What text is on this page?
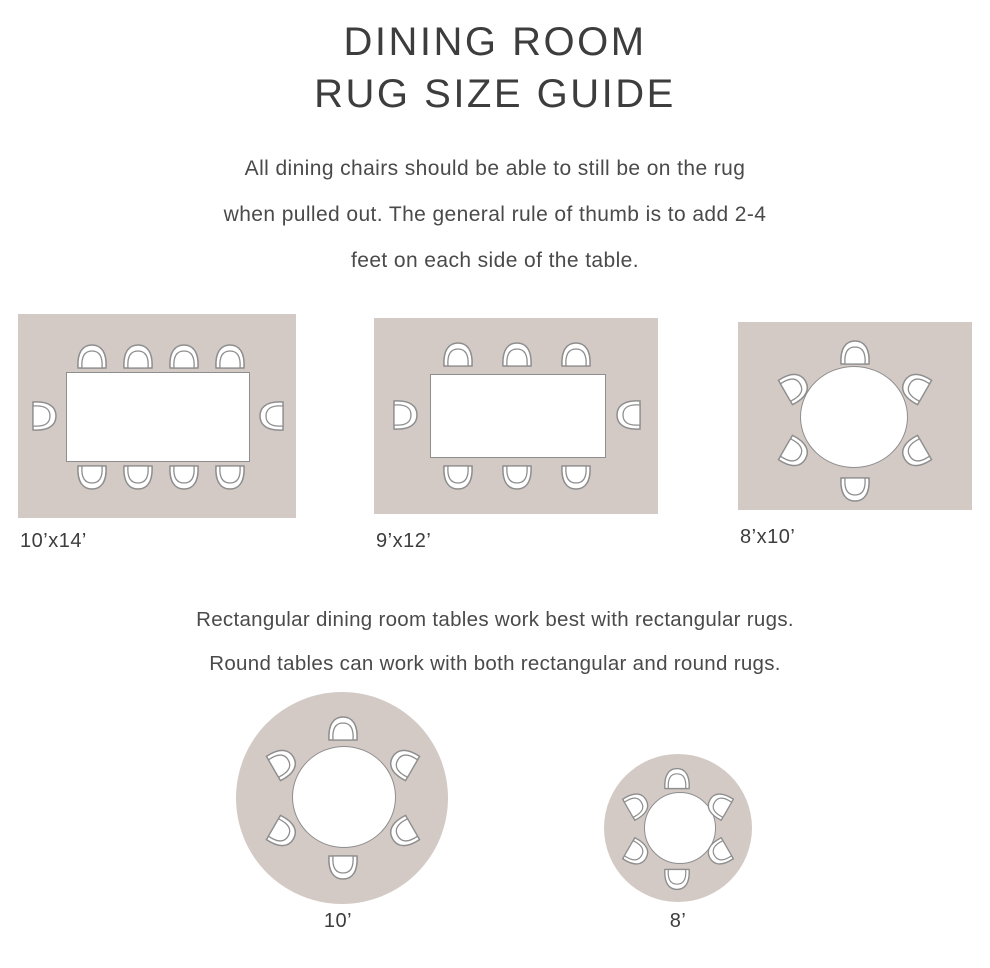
DINING ROOM
RUG SIZE GUIDE

All dining chairs should be able to still be on the rug

when pulled out. The general rule of thumb is to add 2-4

feet on each side of the table.

10’x14’	9’x12’	8’x10’

Rectangular dining room tables work best with rectangular rugs.

Round tables can work with both rectangular and round rugs.

10’	8’
